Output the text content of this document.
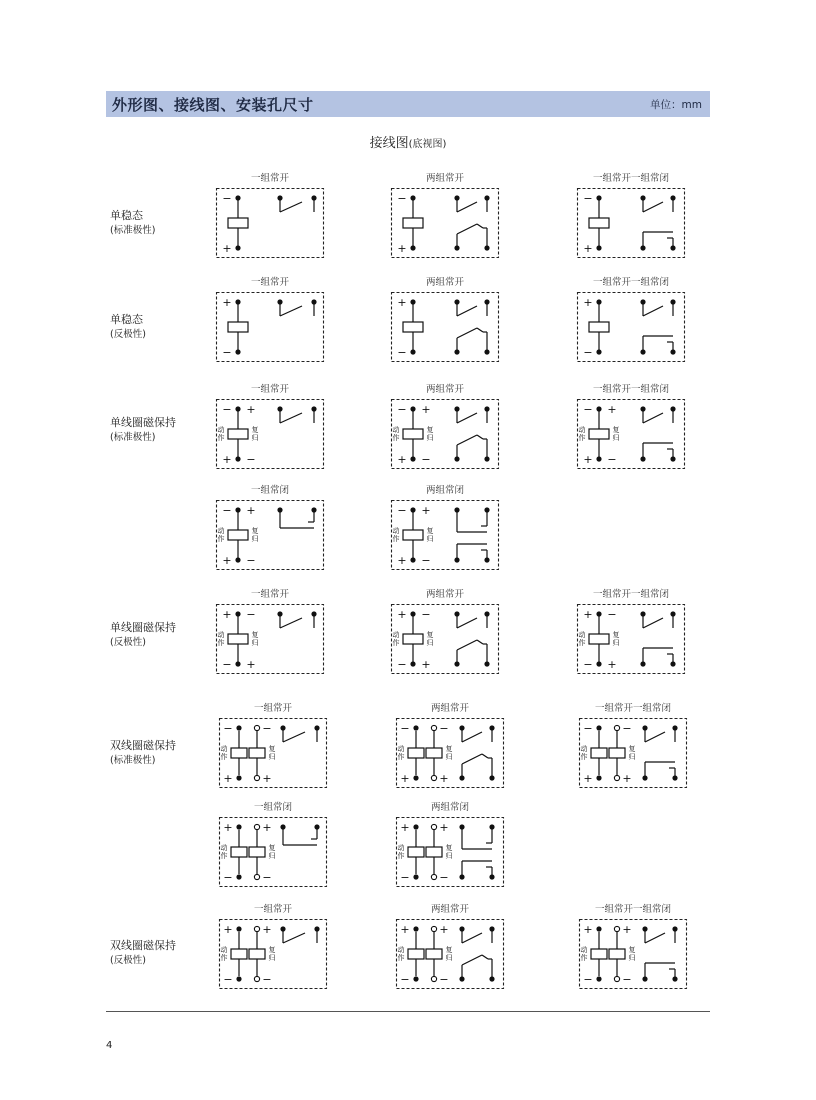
外形图、接线图、安装孔尺寸	单位：mm
接线图(底视图)
单稳态
(标准极性)
一组常开
−
+
两组常开
−
+
一组常开一组常闭
−
+
单稳态
(反极性)
一组常开
+
−
两组常开
+
−
一组常开一组常闭
+
−
单线圈磁保持
(标准极性)
一组常开
− +
+ −
动
作
复
归
两组常开
− +
+ −
动
作
复
归
一组常开一组常闭
− +
+ −
动
作
复
归
一组常闭
− +
+ −
动
作
复
归
两组常闭
− +
+ −
动
作
复
归
单线圈磁保持
(反极性)
一组常开
+ −
− +
动
作
复
归
两组常开
+ −
− +
动
作
复
归
一组常开一组常闭
+ −
− +
动
作
复
归
双线圈磁保持
(标准极性)
一组常开
−	−
+	+
动
作
复
归
两组常开
−	−
+	+
动
作
复
归
一组常开一组常闭
−	−
+	+
动
作
复
归
一组常闭
+	+
−	−
动
作
复
归
两组常闭
+	+
−	−
动
作
复
归
双线圈磁保持
(反极性)
一组常开
+	+
−	−
动
作
复
归
两组常开
+	+
−	−
动
作
复
归
一组常开一组常闭
+	+
−	−
动
作
复
归
4
